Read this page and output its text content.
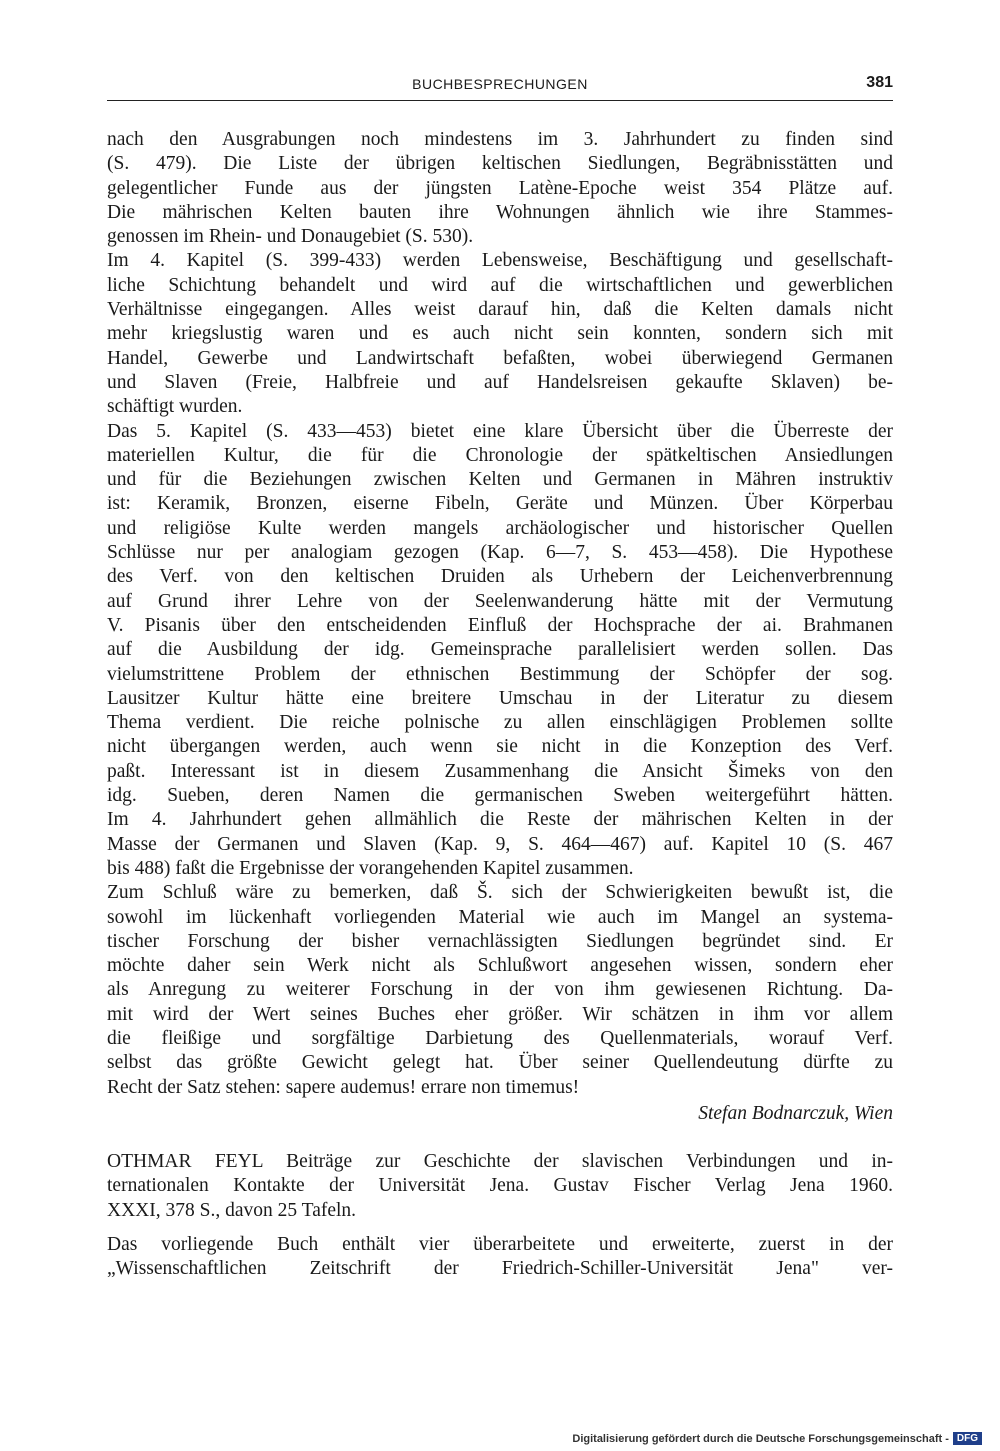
BUCHBESPRECHUNGEN	381
nach den Ausgrabungen noch mindestens im 3. Jahrhundert zu finden sind
(S. 479). Die Liste der übrigen keltischen Siedlungen, Begräbnisstätten und
gelegentlicher Funde aus der jüngsten Latène-Epoche weist 354 Plätze auf.
Die mährischen Kelten bauten ihre Wohnungen ähnlich wie ihre Stammes-
genossen im Rhein- und Donaugebiet (S. 530).
Im 4. Kapitel (S. 399-433) werden Lebensweise, Beschäftigung und gesellschaft-
liche Schichtung behandelt und wird auf die wirtschaftlichen und gewerblichen
Verhältnisse eingegangen. Alles weist darauf hin, daß die Kelten damals nicht
mehr kriegslustig waren und es auch nicht sein konnten, sondern sich mit
Handel, Gewerbe und Landwirtschaft befaßten, wobei überwiegend Germanen
und Slaven (Freie, Halbfreie und auf Handelsreisen gekaufte Sklaven) be-
schäftigt wurden.
Das 5. Kapitel (S. 433—453) bietet eine klare Übersicht über die Überreste der
materiellen Kultur, die für die Chronologie der spätkeltischen Ansiedlungen
und für die Beziehungen zwischen Kelten und Germanen in Mähren instruktiv
ist: Keramik, Bronzen, eiserne Fibeln, Geräte und Münzen. Über Körperbau
und religiöse Kulte werden mangels archäologischer und historischer Quellen
Schlüsse nur per analogiam gezogen (Kap. 6—7, S. 453—458). Die Hypothese
des Verf. von den keltischen Druiden als Urhebern der Leichenverbrennung
auf Grund ihrer Lehre von der Seelenwanderung hätte mit der Vermutung
V. Pisanis über den entscheidenden Einfluß der Hochsprache der ai. Brahmanen
auf die Ausbildung der idg. Gemeinsprache parallelisiert werden sollen. Das
vielumstrittene Problem der ethnischen Bestimmung der Schöpfer der sog.
Lausitzer Kultur hätte eine breitere Umschau in der Literatur zu diesem
Thema verdient. Die reiche polnische zu allen einschlägigen Problemen sollte
nicht übergangen werden, auch wenn sie nicht in die Konzeption des Verf.
paßt. Interessant ist in diesem Zusammenhang die Ansicht Šimeks von den
idg. Sueben, deren Namen die germanischen Sweben weitergeführt hätten.
Im 4. Jahrhundert gehen allmählich die Reste der mährischen Kelten in der
Masse der Germanen und Slaven (Kap. 9, S. 464—467) auf. Kapitel 10 (S. 467
bis 488) faßt die Ergebnisse der vorangehenden Kapitel zusammen.
Zum Schluß wäre zu bemerken, daß Š. sich der Schwierigkeiten bewußt ist, die
sowohl im lückenhaft vorliegenden Material wie auch im Mangel an systema-
tischer Forschung der bisher vernachlässigten Siedlungen begründet sind. Er
möchte daher sein Werk nicht als Schlußwort angesehen wissen, sondern eher
als Anregung zu weiterer Forschung in der von ihm gewiesenen Richtung. Da-
mit wird der Wert seines Buches eher größer. Wir schätzen in ihm vor allem
die fleißige und sorgfältige Darbietung des Quellenmaterials, worauf Verf.
selbst das größte Gewicht gelegt hat. Über seiner Quellendeutung dürfte zu
Recht der Satz stehen: sapere audemus! errare non timemus!
Stefan Bodnarczuk, Wien
OTHMAR FEYL Beiträge zur Geschichte der slavischen Verbindungen und in-
ternationalen Kontakte der Universität Jena. Gustav Fischer Verlag Jena 1960.
XXXI, 378 S., davon 25 Tafeln.
Das vorliegende Buch enthält vier überarbeitete und erweiterte, zuerst in der
„Wissenschaftlichen Zeitschrift der Friedrich-Schiller-Universität Jena" ver-
Digitalisierung gefördert durch die Deutsche Forschungsgemeinschaft - DFG
